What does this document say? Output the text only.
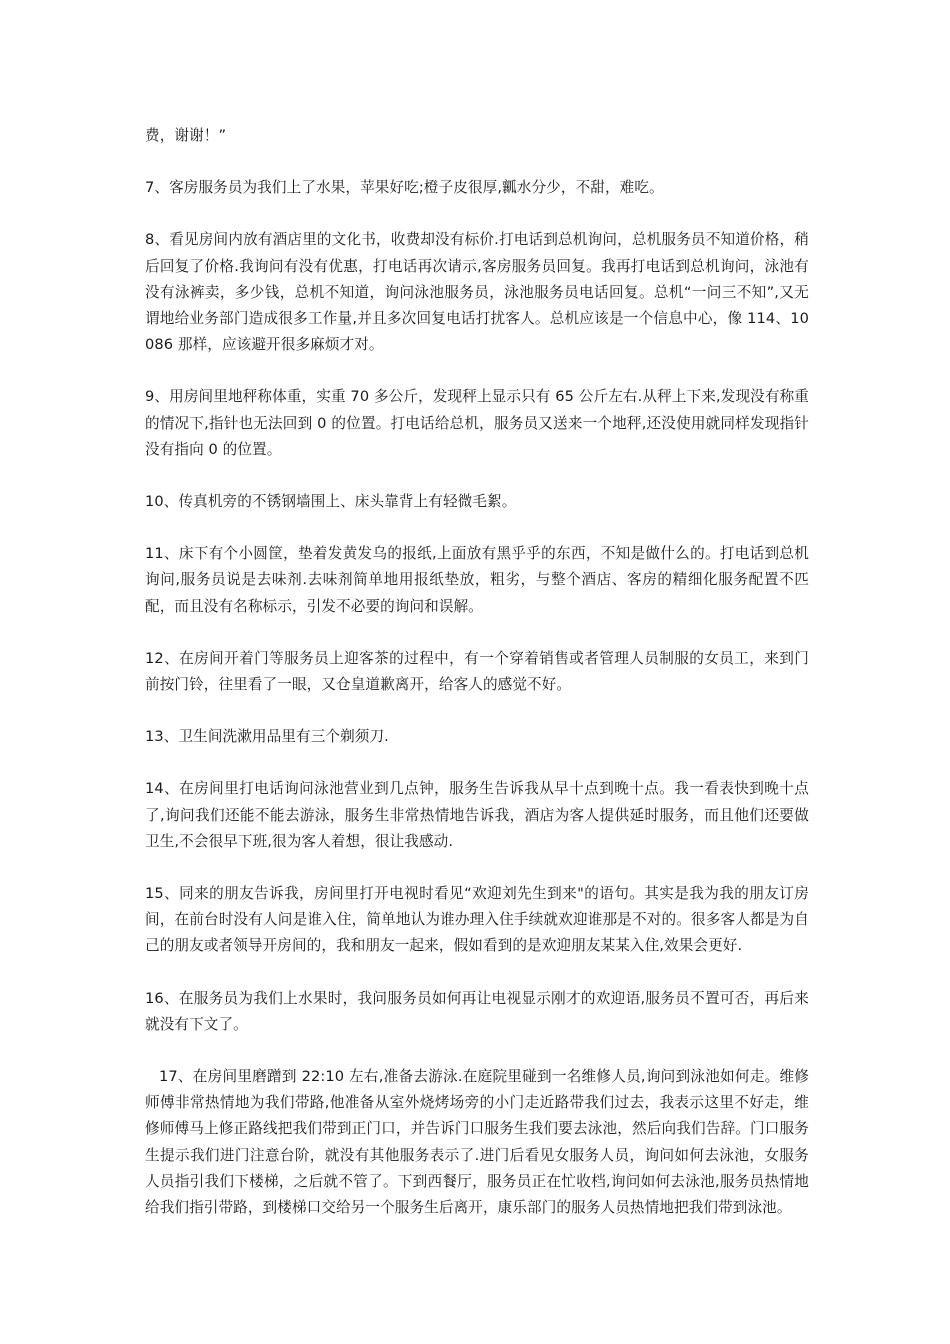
费，谢谢！”

7、客房服务员为我们上了水果，苹果好吃;橙子皮很厚,瓤水分少，不甜，难吃。

8、看见房间内放有酒店里的文化书，收费却没有标价.打电话到总机询问，总机服务员不知道价格，稍后回复了价格.我询问有没有优惠，打电话再次请示,客房服务员回复。我再打电话到总机询问，泳池有没有泳裤卖，多少钱，总机不知道，询问泳池服务员，泳池服务员电话回复。总机“一问三不知”,又无谓地给业务部门造成很多工作量,并且多次回复电话打扰客人。总机应该是一个信息中心，像 114、10086 那样，应该避开很多麻烦才对。

9、用房间里地秤称体重，实重 70 多公斤，发现秤上显示只有 65 公斤左右.从秤上下来,发现没有称重的情况下,指针也无法回到 0 的位置。打电话给总机，服务员又送来一个地秤,还没使用就同样发现指针没有指向 0 的位置。

10、传真机旁的不锈钢墙围上、床头靠背上有轻微毛絮。

11、床下有个小圆筐，垫着发黄发乌的报纸,上面放有黑乎乎的东西，不知是做什么的。打电话到总机询问,服务员说是去味剂.去味剂简单地用报纸垫放，粗劣，与整个酒店、客房的精细化服务配置不匹配，而且没有名称标示，引发不必要的询问和误解。

12、在房间开着门等服务员上迎客茶的过程中，有一个穿着销售或者管理人员制服的女员工，来到门前按门铃，往里看了一眼，又仓皇道歉离开，给客人的感觉不好。

13、卫生间洗漱用品里有三个剃须刀.

14、在房间里打电话询问泳池营业到几点钟，服务生告诉我从早十点到晚十点。我一看表快到晚十点了,询问我们还能不能去游泳，服务生非常热情地告诉我，酒店为客人提供延时服务，而且他们还要做卫生,不会很早下班,很为客人着想，很让我感动.

15、同来的朋友告诉我，房间里打开电视时看见“欢迎刘先生到来"的语句。其实是我为我的朋友订房间，在前台时没有人问是谁入住，简单地认为谁办理入住手续就欢迎谁那是不对的。很多客人都是为自己的朋友或者领导开房间的，我和朋友一起来，假如看到的是欢迎朋友某某入住,效果会更好.

16、在服务员为我们上水果时，我问服务员如何再让电视显示刚才的欢迎语,服务员不置可否，再后来就没有下文了。

17、在房间里磨蹭到 22:10 左右,准备去游泳.在庭院里碰到一名维修人员,询问到泳池如何走。维修师傅非常热情地为我们带路,他准备从室外烧烤场旁的小门走近路带我们过去，我表示这里不好走，维修师傅马上修正路线把我们带到正门口，并告诉门口服务生我们要去泳池，然后向我们告辞。门口服务生提示我们进门注意台阶，就没有其他服务表示了.进门后看见女服务人员，询问如何去泳池，女服务人员指引我们下楼梯，之后就不管了。下到西餐厅，服务员正在忙收档,询问如何去泳池,服务员热情地给我们指引带路，到楼梯口交给另一个服务生后离开，康乐部门的服务人员热情地把我们带到泳池。
